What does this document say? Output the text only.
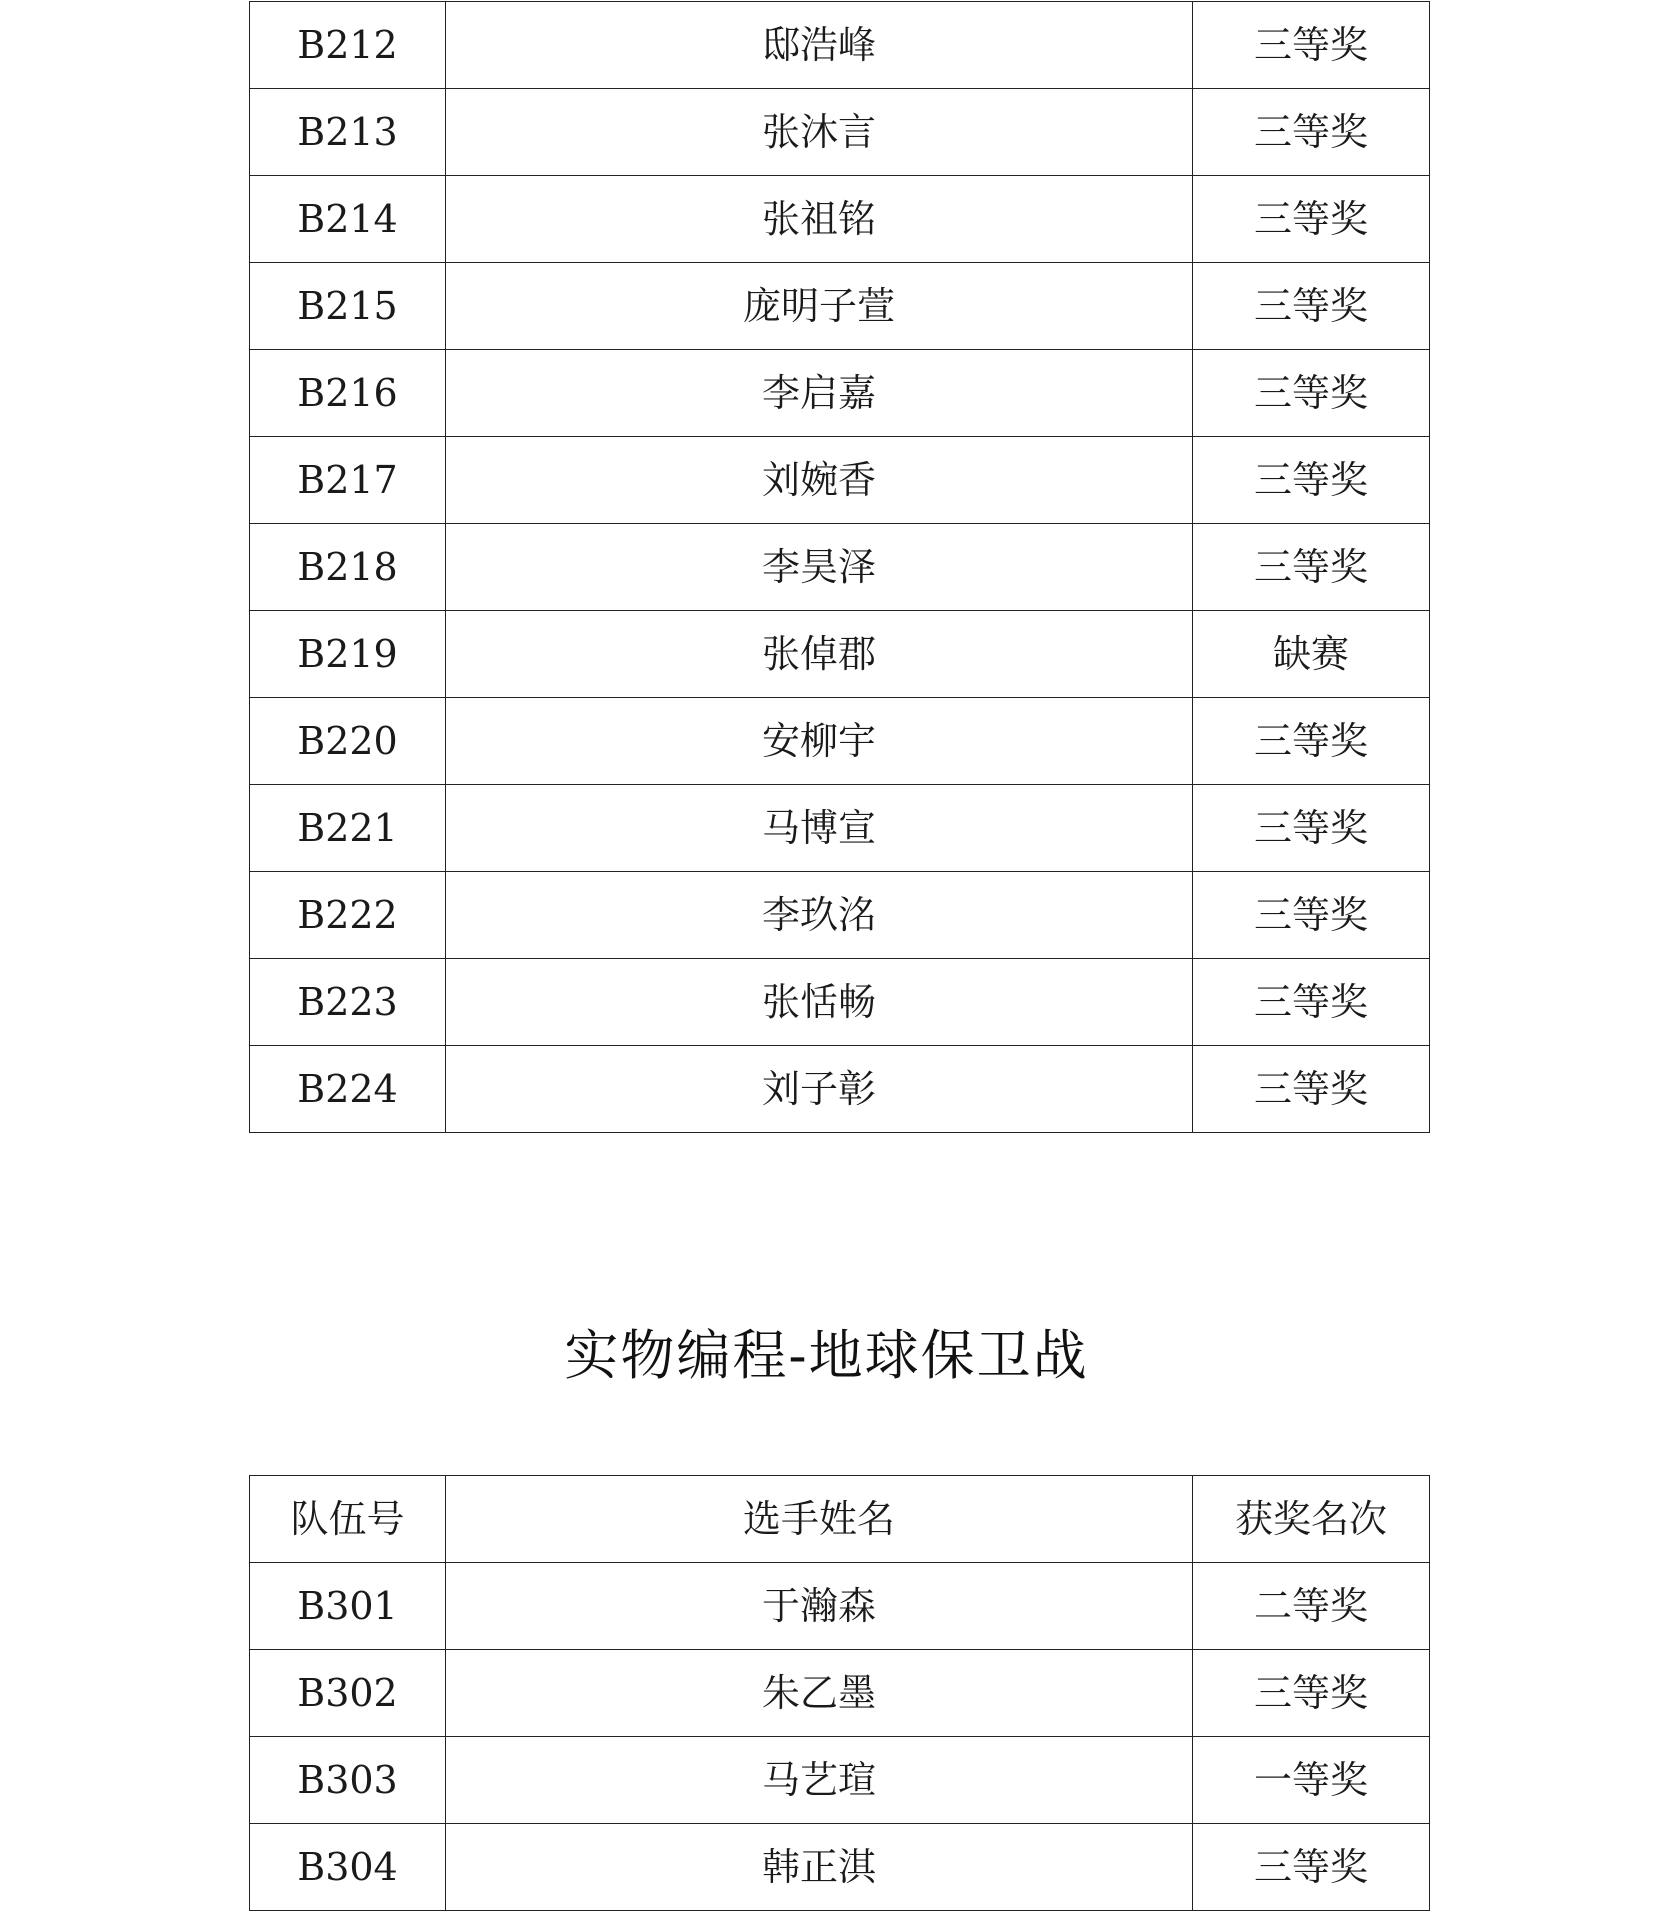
B212	邸浩峰	三等奖
B213	张沐言	三等奖
B214	张祖铭	三等奖
B215	庞明子萱	三等奖
B216	李启嘉	三等奖
B217	刘婉香	三等奖
B218	李昊泽	三等奖
B219	张倬郡	缺赛
B220	安柳宇	三等奖
B221	马博宣	三等奖
B222	李玖洺	三等奖
B223	张恬畅	三等奖
B224	刘子彰	三等奖
实物编程-地球保卫战
队伍号	选手姓名	获奖名次
B301	于瀚森	二等奖
B302	朱乙墨	三等奖
B303	马艺瑄	一等奖
B304	韩正淇	三等奖
